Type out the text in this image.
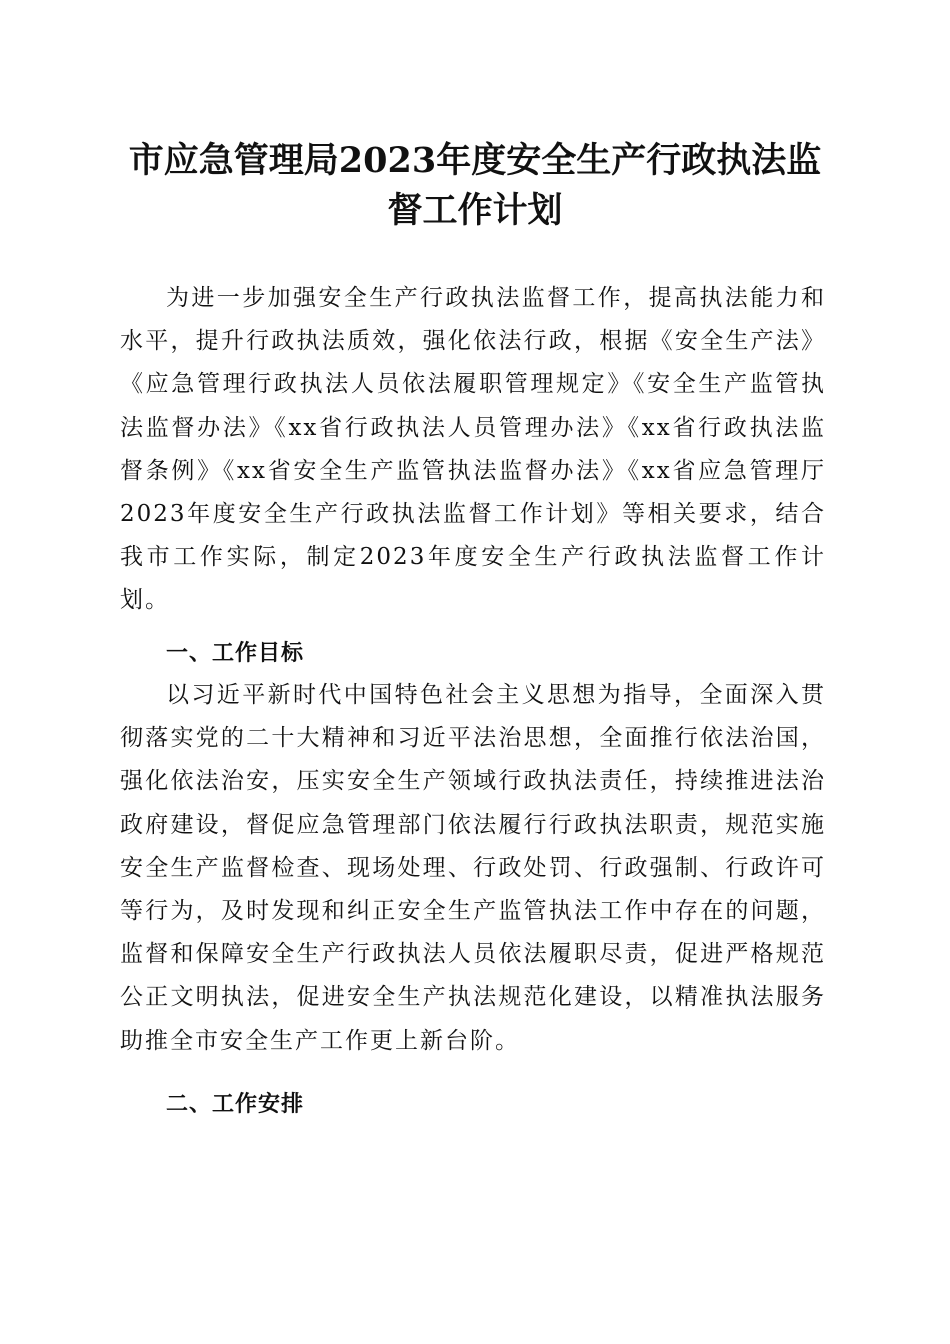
市应急管理局2023年度安全生产行政执法监
督工作计划
为进一步加强安全生产行政执法监督工作，提高执法能力和水平，提升行政执法质效，强化依法行政，根据《安全生产法》《应急管理行政执法人员依法履职管理规定》《安全生产监管执法监督办法》《xx省行政执法人员管理办法》《xx省行政执法监督条例》《xx省安全生产监管执法监督办法》《xx省应急管理厅2023年度安全生产行政执法监督工作计划》等相关要求，结合我市工作实际，制定2023年度安全生产行政执法监督工作计划。
一、工作目标
以习近平新时代中国特色社会主义思想为指导，全面深入贯彻落实党的二十大精神和习近平法治思想，全面推行依法治国，强化依法治安，压实安全生产领域行政执法责任，持续推进法治政府建设，督促应急管理部门依法履行行政执法职责，规范实施安全生产监督检查、现场处理、行政处罚、行政强制、行政许可等行为，及时发现和纠正安全生产监管执法工作中存在的问题，监督和保障安全生产行政执法人员依法履职尽责，促进严格规范公正文明执法，促进安全生产执法规范化建设，以精准执法服务助推全市安全生产工作更上新台阶。
二、工作安排
